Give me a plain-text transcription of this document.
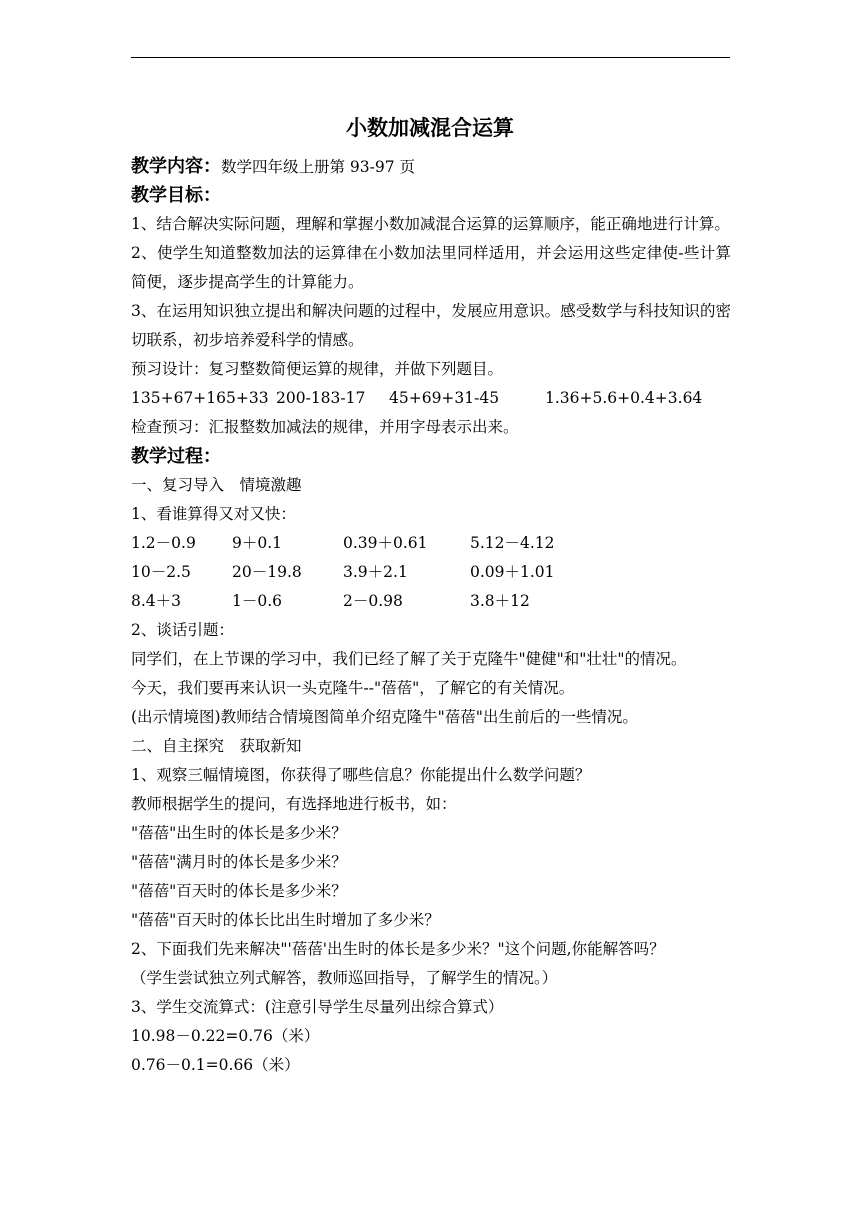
小数加减混合运算
教学内容：数学四年级上册第 93-97 页
教学目标：
1、结合解决实际问题，理解和掌握小数加减混合运算的运算顺序，能正确地进行计算。
2、使学生知道整数加法的运算律在小数加法里同样适用，并会运用这些定律使-些计算简便，逐步提高学生的计算能力。
3、在运用知识独立提出和解决问题的过程中，发展应用意识。感受数学与科技知识的密切联系，初步培养爱科学的情感。
预习设计：复习整数简便运算的规律，并做下列题目。
135+67+165+33 200-183-17	45+69+31-45	1.36+5.6+0.4+3.64
检查预习：汇报整数加减法的规律，并用字母表示出来。
教学过程：
一、复习导入　情境激趣
1、看谁算得又对又快：
1.2－0.9	9＋0.1	0.39＋0.61	5.12－4.12
10－2.5	20－19.8	3.9＋2.1	0.09＋1.01
8.4＋3	1－0.6	2－0.98	3.8＋12
2、谈话引题：
同学们，在上节课的学习中，我们已经了解了关于克隆牛"健健"和"壮壮"的情况。
今天，我们要再来认识一头克隆牛--"蓓蓓"，了解它的有关情况。
(出示情境图)教师结合情境图简单介绍克隆牛"蓓蓓"出生前后的一些情况。
二、自主探究　获取新知
1、观察三幅情境图，你获得了哪些信息？你能提出什么数学问题？
教师根据学生的提问，有选择地进行板书，如：
"蓓蓓"出生时的体长是多少米？
"蓓蓓"满月时的体长是多少米？
"蓓蓓"百天时的体长是多少米？
"蓓蓓"百天时的体长比出生时增加了多少米？
2、下面我们先来解决"'蓓蓓'出生时的体长是多少米？"这个问题,你能解答吗？
（学生尝试独立列式解答，教师巡回指导，了解学生的情况。）
3、学生交流算式：(注意引导学生尽量列出综合算式）
10.98－0.22=0.76（米）
0.76－0.1=0.66（米）
